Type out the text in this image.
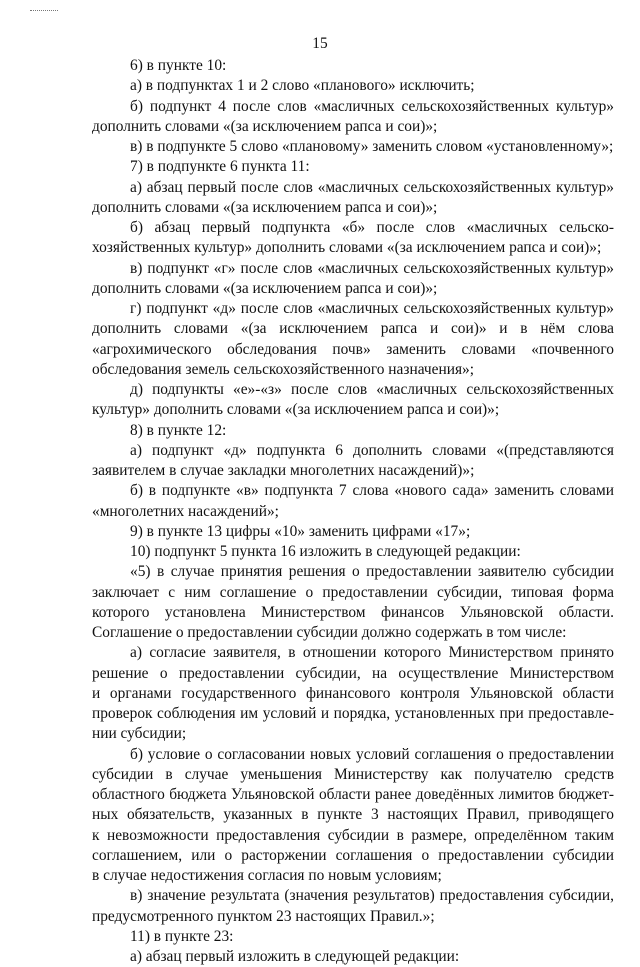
15
6) в пункте 10:
а) в подпунктах 1 и 2 слово «планового» исключить;
б) подпункт 4 после слов «масличных сельскохозяйственных культур»
дополнить словами «(за исключением рапса и сои)»;
в) в подпункте 5 слово «плановому» заменить словом «установленному»;
7) в подпункте 6 пункта 11:
а) абзац первый после слов «масличных сельскохозяйственных культур»
дополнить словами «(за исключением рапса и сои)»;
б) абзац первый подпункта «б» после слов «масличных сельско-
хозяйственных культур» дополнить словами «(за исключением рапса и сои)»;
в) подпункт «г» после слов «масличных сельскохозяйственных культур»
дополнить словами «(за исключением рапса и сои)»;
г) подпункт «д» после слов «масличных сельскохозяйственных культур»
дополнить словами «(за исключением рапса и сои)» и в нём слова
«агрохимического обследования почв» заменить словами «почвенного
обследования земель сельскохозяйственного назначения»;
д) подпункты «е»-«з» после слов «масличных сельскохозяйственных
культур» дополнить словами «(за исключением рапса и сои)»;
8) в пункте 12:
а) подпункт «д» подпункта 6 дополнить словами «(представляются
заявителем в случае закладки многолетних насаждений)»;
б) в подпункте «в» подпункта 7 слова «нового сада» заменить словами
«многолетних насаждений»;
9) в пункте 13 цифры «10» заменить цифрами «17»;
10) подпункт 5 пункта 16 изложить в следующей редакции:
«5) в случае принятия решения о предоставлении заявителю субсидии
заключает с ним соглашение о предоставлении субсидии, типовая форма
которого установлена Министерством финансов Ульяновской области.
Соглашение о предоставлении субсидии должно содержать в том числе:
а) согласие заявителя, в отношении которого Министерством принято
решение о предоставлении субсидии, на осуществление Министерством
и органами государственного финансового контроля Ульяновской области
проверок соблюдения им условий и порядка, установленных при предоставле-
нии субсидии;
б) условие о согласовании новых условий соглашения о предоставлении
субсидии в случае уменьшения Министерству как получателю средств
областного бюджета Ульяновской области ранее доведённых лимитов бюджет-
ных обязательств, указанных в пункте 3 настоящих Правил, приводящего
к невозможности предоставления субсидии в размере, определённом таким
соглашением, или о расторжении соглашения о предоставлении субсидии
в случае недостижения согласия по новым условиям;
в) значение результата (значения результатов) предоставления субсидии,
предусмотренного пунктом 23 настоящих Правил.»;
11) в пункте 23:
а) абзац первый изложить в следующей редакции:
